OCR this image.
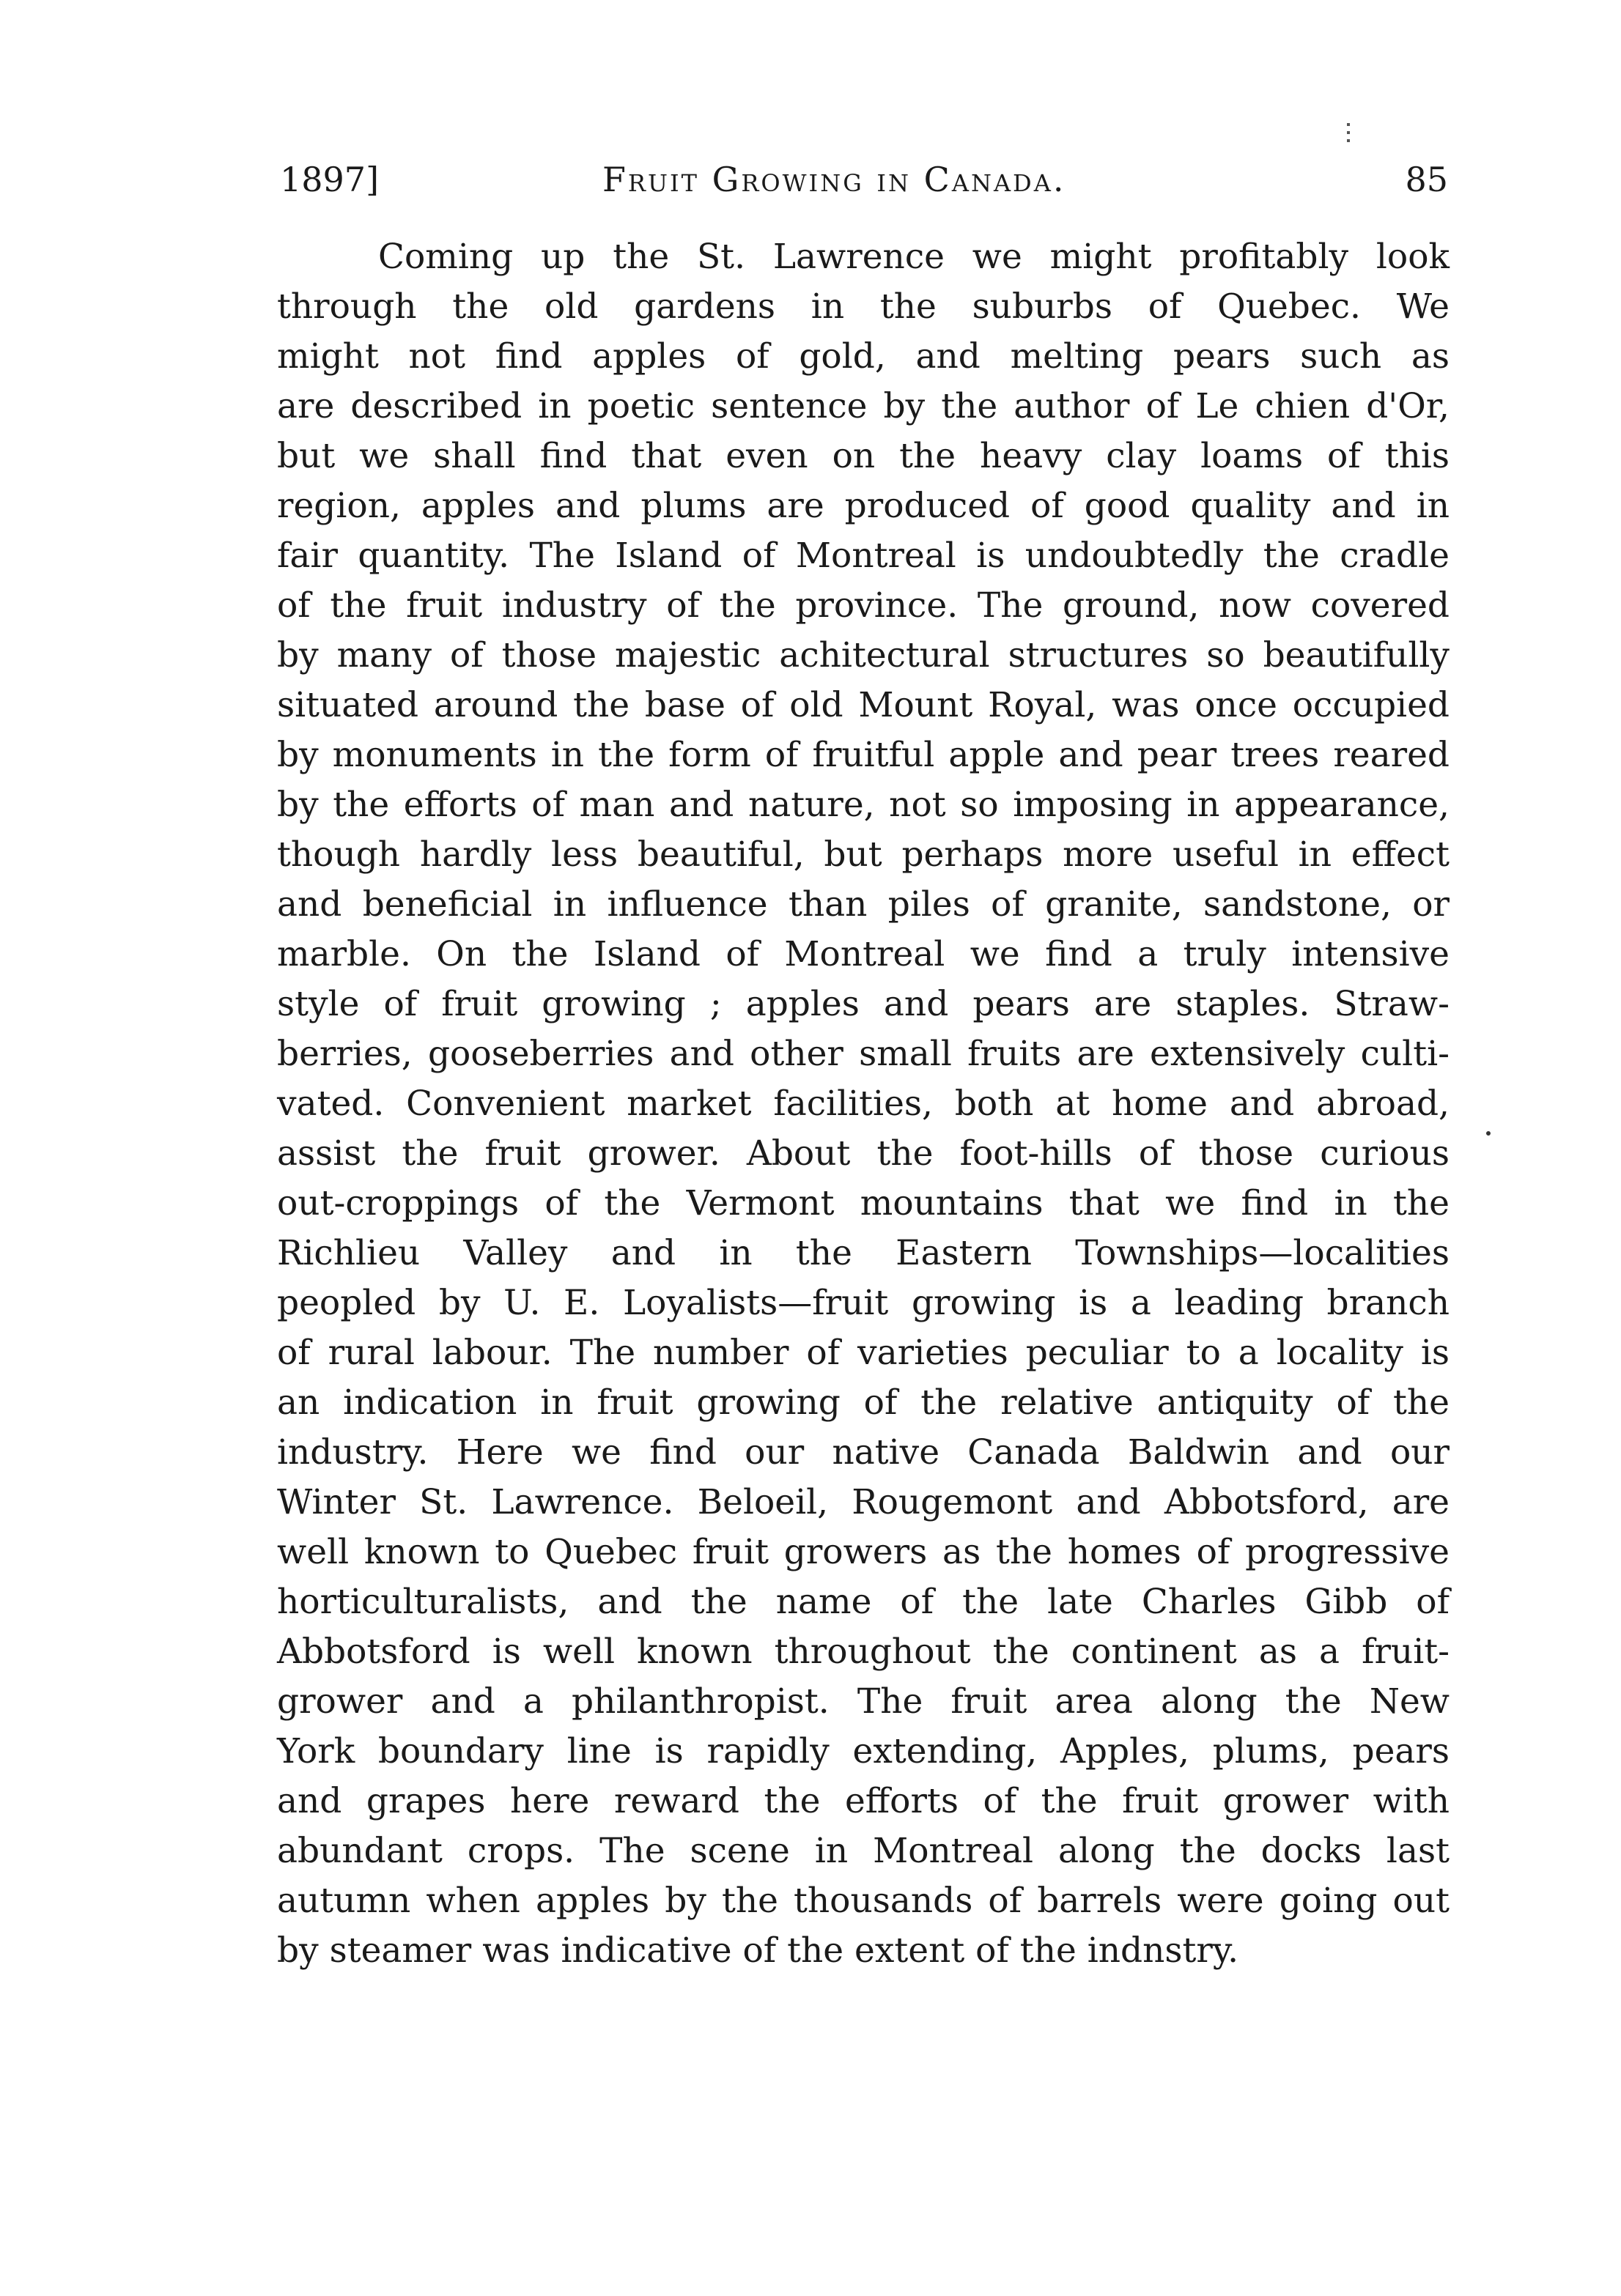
1897]	Fruit Growing in Canada.	85
Coming up the St. Lawrence we might profitably look
through the old gardens in the suburbs of Quebec. We
might not find apples of gold, and melting pears such as
are described in poetic sentence by the author of Le chien d'Or,
but we shall find that even on the heavy clay loams of this
region, apples and plums are produced of good quality and in
fair quantity. The Island of Montreal is undoubtedly the cradle
of the fruit industry of the province. The ground, now covered
by many of those majestic achitectural structures so beautifully
situated around the base of old Mount Royal, was once occupied
by monuments in the form of fruitful apple and pear trees reared
by the efforts of man and nature, not so imposing in appearance,
though hardly less beautiful, but perhaps more useful in effect
and beneficial in influence than piles of granite, sandstone, or
marble. On the Island of Montreal we find a truly intensive
style of fruit growing ; apples and pears are staples. Straw-
berries, gooseberries and other small fruits are extensively culti-
vated. Convenient market facilities, both at home and abroad,
assist the fruit grower. About the foot-hills of those curious
out-croppings of the Vermont mountains that we find in the
Richlieu Valley and in the Eastern Townships—localities
peopled by U. E. Loyalists—fruit growing is a leading branch
of rural labour. The number of varieties peculiar to a locality is
an indication in fruit growing of the relative antiquity of the
industry. Here we find our native Canada Baldwin and our
Winter St. Lawrence. Beloeil, Rougemont and Abbotsford, are
well known to Quebec fruit growers as the homes of progressive
horticulturalists, and the name of the late Charles Gibb of
Abbotsford is well known throughout the continent as a fruit-
grower and a philanthropist. The fruit area along the New
York boundary line is rapidly extending, Apples, plums, pears
and grapes here reward the efforts of the fruit grower with
abundant crops. The scene in Montreal along the docks last
autumn when apples by the thousands of barrels were going out
by steamer was indicative of the extent of the indnstry.
